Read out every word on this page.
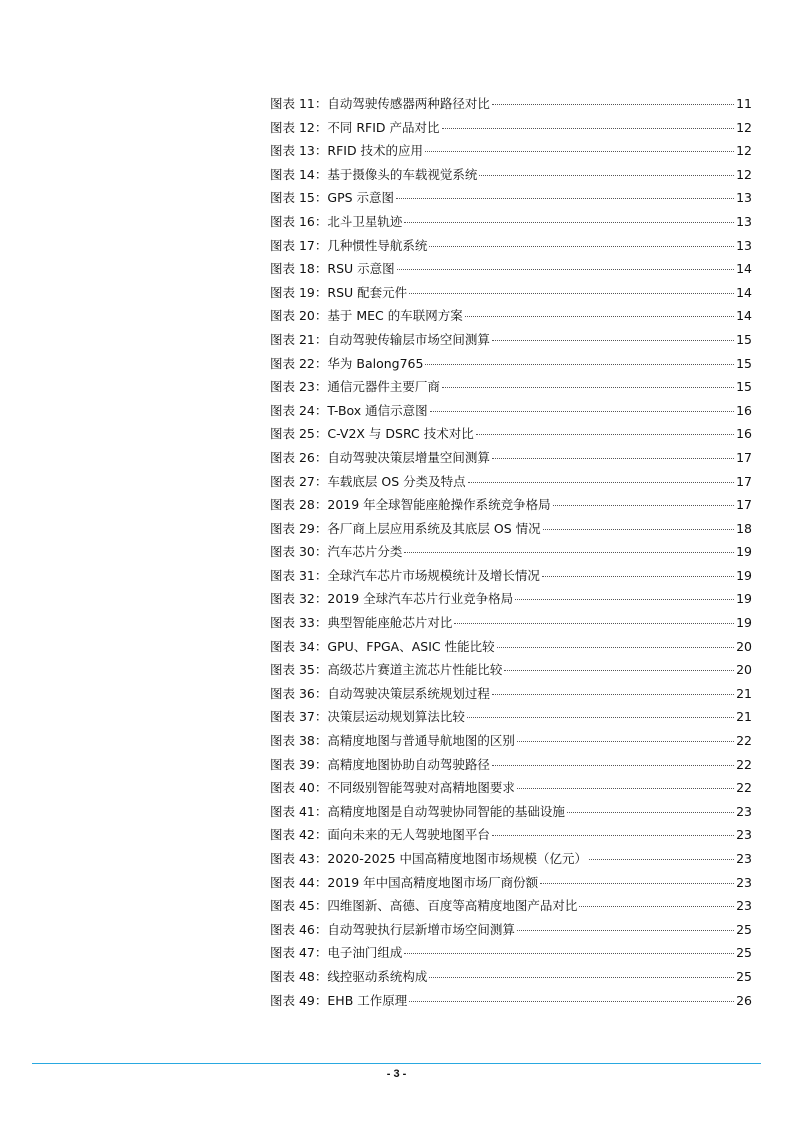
图表 11： 自动驾驶传感器两种路径对比	11
图表 12： 不同 RFID 产品对比	12
图表 13： RFID 技术的应用	12
图表 14： 基于摄像头的车载视觉系统	12
图表 15： GPS 示意图	13
图表 16： 北斗卫星轨迹	13
图表 17： 几种惯性导航系统	13
图表 18： RSU 示意图	14
图表 19： RSU 配套元件	14
图表 20： 基于 MEC 的车联网方案	14
图表 21： 自动驾驶传输层市场空间测算	15
图表 22： 华为 Balong765	15
图表 23： 通信元器件主要厂商	15
图表 24： T-Box 通信示意图	16
图表 25： C-V2X 与 DSRC 技术对比	16
图表 26： 自动驾驶决策层增量空间测算	17
图表 27： 车载底层 OS 分类及特点	17
图表 28： 2019 年全球智能座舱操作系统竞争格局	17
图表 29： 各厂商上层应用系统及其底层 OS 情况	18
图表 30： 汽车芯片分类	19
图表 31： 全球汽车芯片市场规模统计及增长情况	19
图表 32： 2019 全球汽车芯片行业竞争格局	19
图表 33： 典型智能座舱芯片对比	19
图表 34： GPU、FPGA、ASIC 性能比较	20
图表 35： 高级芯片赛道主流芯片性能比较	20
图表 36： 自动驾驶决策层系统规划过程	21
图表 37： 决策层运动规划算法比较	21
图表 38： 高精度地图与普通导航地图的区别	22
图表 39： 高精度地图协助自动驾驶路径	22
图表 40： 不同级别智能驾驶对高精地图要求	22
图表 41： 高精度地图是自动驾驶协同智能的基础设施	23
图表 42： 面向未来的无人驾驶地图平台	23
图表 43： 2020-2025 中国高精度地图市场规模（亿元）	23
图表 44： 2019 年中国高精度地图市场厂商份额	23
图表 45： 四维图新、高德、百度等高精度地图产品对比	23
图表 46： 自动驾驶执行层新增市场空间测算	25
图表 47： 电子油门组成	25
图表 48： 线控驱动系统构成	25
图表 49： EHB 工作原理	26
- 3 -
